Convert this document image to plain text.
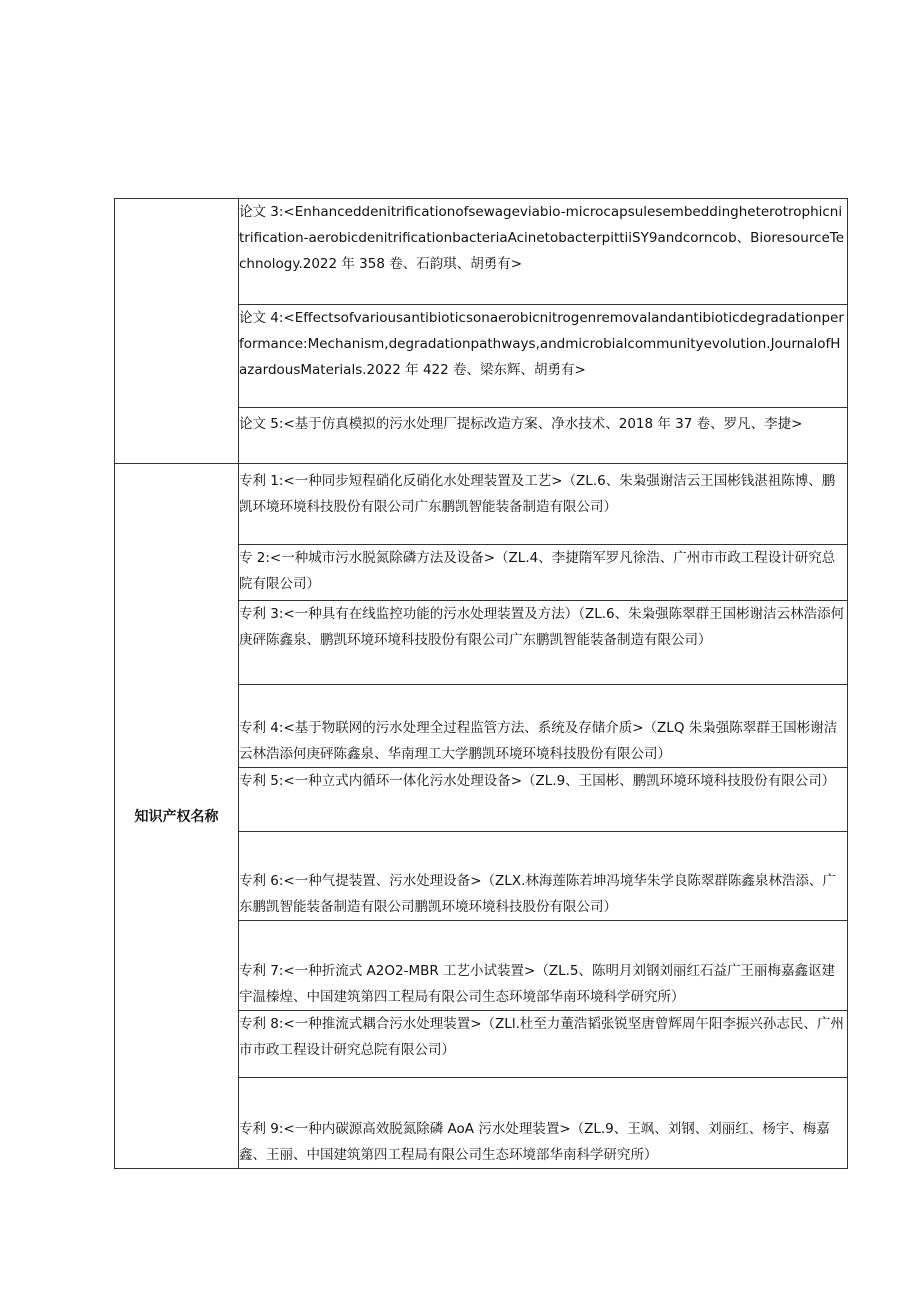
	论文 3:<Enhanceddenitrificationofsewageviabio-microcapsulesembeddingheterotrophicnitrification-aerobicdenitrificationbacteriaAcinetobacterpittiiSY9andcorncob、BioresourceTechnology.2022 年 358 卷、石韵琪、胡勇有>
	论文 4:<Effectsofvariousantibioticsonaerobicnitrogenremovalandantibioticdegradationperformance:Mechanism,degradationpathways,andmicrobialcommunityevolution.JournalofHazardousMaterials.2022 年 422 卷、梁东辉、胡勇有>
	论文 5:<基于仿真模拟的污水处理厂提标改造方案、净水技术、2018 年 37 卷、罗凡、李捷>
知识产权名称	专利 1:<一种同步短程硝化反硝化水处理装置及工艺>（ZL.6、朱枭强谢洁云王国彬钱湛祖陈博、鹏凯环境环境科技股份有限公司广东鹏凯智能装备制造有限公司）
	专 2:<一种城市污水脱氮除磷方法及设备>（ZL.4、李捷隋军罗凡徐浩、广州市市政工程设计研究总院有限公司）
	专利 3:<一种具有在线监控功能的污水处理装置及方法）（ZL.6、朱枭强陈翠群王国彬谢洁云林浩添何庚砰陈鑫泉、鹏凯环境环境科技股份有限公司广东鹏凯智能装备制造有限公司）
	专利 4:<基于物联网的污水处理全过程监管方法、系统及存储介质>（ZLQ 朱枭强陈翠群王国彬谢洁云林浩添何庚砰陈鑫泉、华南理工大学鹏凯环境环境科技股份有限公司）
	专利 5:<一种立式内循环一体化污水处理设备>（ZL.9、王国彬、鹏凯环境环境科技股份有限公司）
	专利 6:<一种气提装置、污水处理设备>（ZLX.林海莲陈若坤冯境华朱学良陈翠群陈鑫泉林浩添、广东鹏凯智能装备制造有限公司鹏凯环境环境科技股份有限公司）
	专利 7:<一种折流式 A2O2-MBR 工艺小试装置>（ZL.5、陈明月刘钢刘丽红石益广王丽梅嘉鑫讴建宇温榛煌、中国建筑第四工程局有限公司生态环境部华南环境科学研究所）
	专利 8:<一种推流式耦合污水处理装置>（ZLl.杜至力董浩韬张锐坚唐曾辉周午阳李振兴孙志民、广州市市政工程设计研究总院有限公司）
	专利 9:<一种内碳源高效脱氮除磷 AoA 污水处理装置>（ZL.9、王飒、刘钢、刘丽红、杨宇、梅嘉鑫、王丽、中国建筑第四工程局有限公司生态环境部华南科学研究所）
